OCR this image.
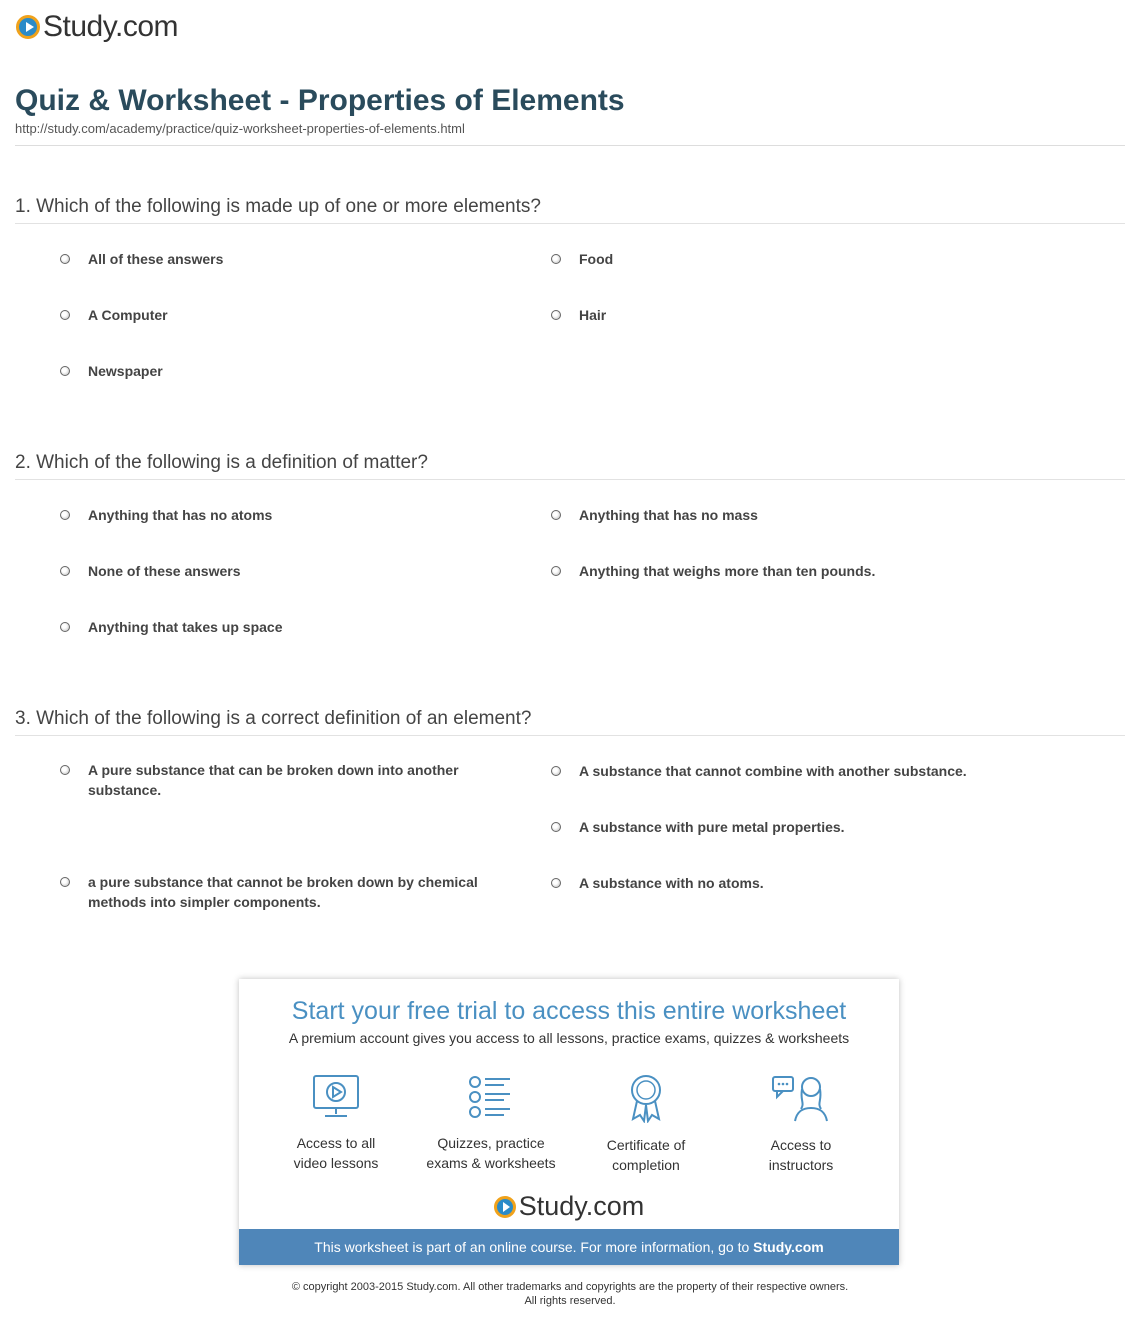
Study.com
Quiz & Worksheet - Properties of Elements
http://study.com/academy/practice/quiz-worksheet-properties-of-elements.html
1. Which of the following is made up of one or more elements?
All of these answers	Food
A Computer	Hair
Newspaper
2. Which of the following is a definition of matter?
Anything that has no atoms	Anything that has no mass
None of these answers	Anything that weighs more than ten pounds.
Anything that takes up space
3. Which of the following is a correct definition of an element?
A pure substance that can be broken down into another substance.
A substance that cannot combine with another substance.
A substance with pure metal properties.
a pure substance that cannot be broken down by chemical methods into simpler components.
A substance with no atoms.
Start your free trial to access this entire worksheet
A premium account gives you access to all lessons, practice exams, quizzes & worksheets
Access to all
video lessons
Quizzes, practice
exams & worksheets
Certificate of
completion
Access to
instructors
Study.com
This worksheet is part of an online course. For more information, go to Study.com
© copyright 2003-2015 Study.com. All other trademarks and copyrights are the property of their respective owners.
All rights reserved.
